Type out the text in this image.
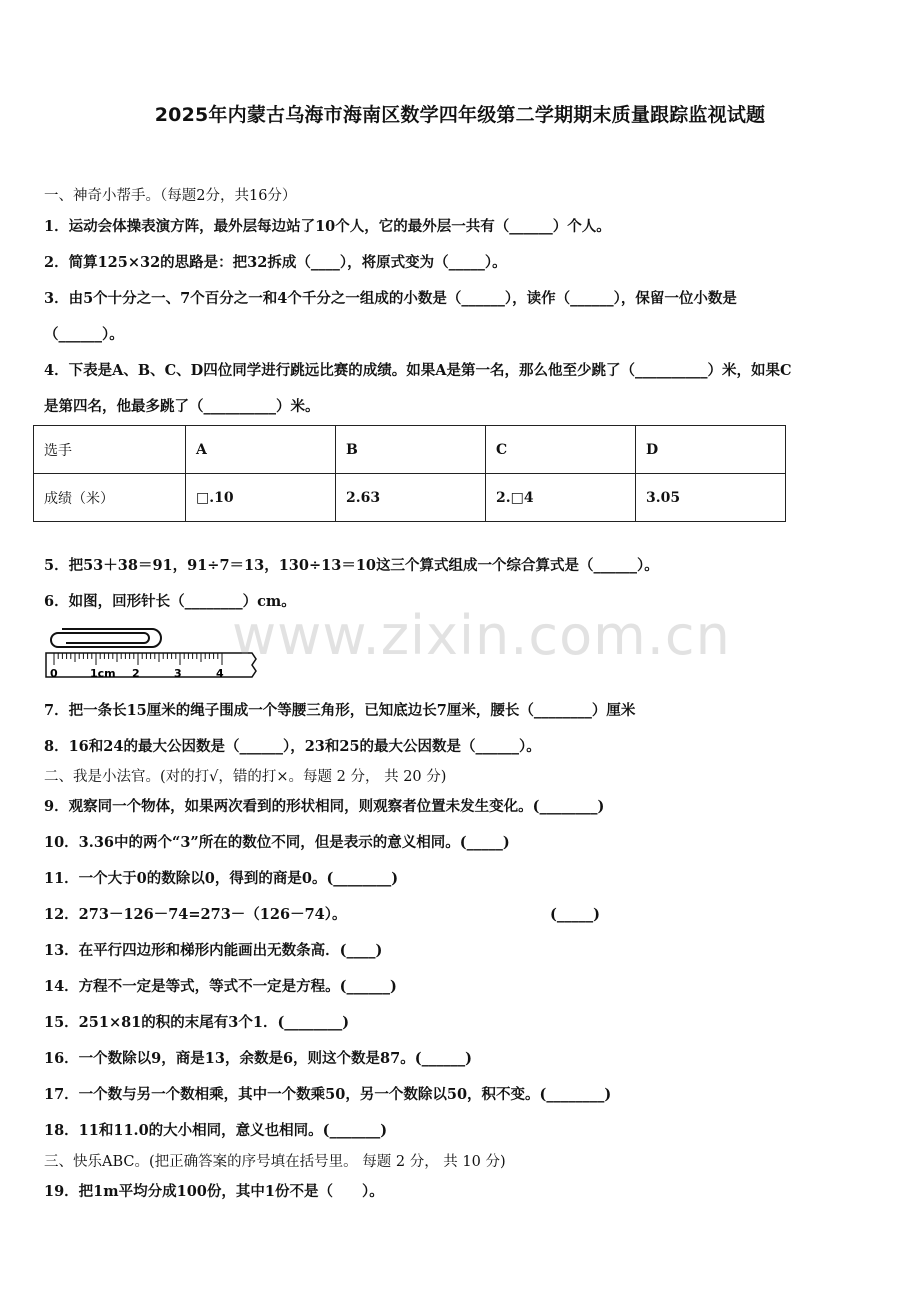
2025年内蒙古乌海市海南区数学四年级第二学期期末质量跟踪监视试题
一、神奇小帮手。（每题2分，共16分）
1．运动会体操表演方阵，最外层每边站了10个人，它的最外层一共有（______）个人。
2．简算125×32的思路是：把32拆成（____），将原式变为（_____）。
3．由5个十分之一、7个百分之一和4个千分之一组成的小数是（______），读作（______），保留一位小数是
（______）。
4．下表是A、B、C、D四位同学进行跳远比赛的成绩。如果A是第一名，那么他至少跳了（__________）米，如果C
是第四名，他最多跳了（__________）米。
选手	A	B	C	D
成绩（米）	□.10	2.63	2.□4	3.05
5．把53＋38＝91，91÷7＝13，130÷13＝10这三个算式组成一个综合算式是（______）。
6．如图，回形针长（________）cm。
0	1cm 2	3	4
www.zixin.com.cn
7．把一条长15厘米的绳子围成一个等腰三角形，已知底边长7厘米，腰长（________）厘米
8．16和24的最大公因数是（______），23和25的最大公因数是（______）。
二、我是小法官。(对的打√，错的打×。每题 2 分， 共 20 分)
9．观察同一个物体，如果两次看到的形状相同，则观察者位置未发生变化。(________)
10．3.36中的两个“3”所在的数位不同，但是表示的意义相同。(_____)
11．一个大于0的数除以0，得到的商是0。(________)
12．273－126－74=273－（126－74）。	(_____)
13．在平行四边形和梯形内能画出无数条高．(____)
14．方程不一定是等式，等式不一定是方程。(______)
15．251×81的积的末尾有3个1．(________)
16．一个数除以9，商是13，余数是6，则这个数是87。(______)
17．一个数与另一个数相乘，其中一个数乘50，另一个数除以50，积不变。(________)
18．11和11.0的大小相同，意义也相同。(_______)
三、快乐ABC。(把正确答案的序号填在括号里。 每题 2 分， 共 10 分)
19．把1m平均分成100份，其中1份不是（　　）。
